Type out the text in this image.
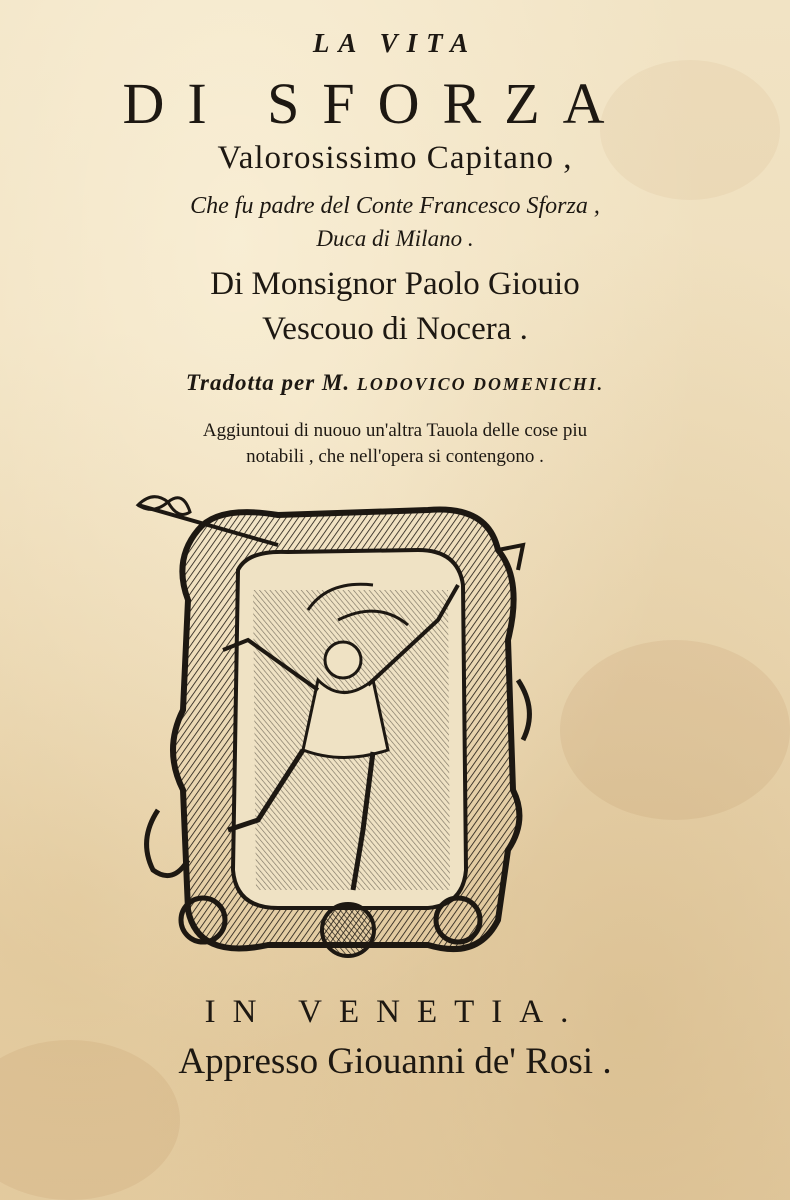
LA VITA
DI SFORZA
Valorosissimo Capitano ,
Che fu padre del Conte Francesco Sforza ,
Duca di Milano .
Di Monsignor Paolo Giouio
Vescouo di Nocera .
Tradotta per M. LODOVICO DOMENICHI.
Aggiuntoui di nuouo un'altra Tauola delle cose piu
notabili , che nell'opera si contengono .
IN VENETIA.
Appresso Giouanni de' Rosi .
